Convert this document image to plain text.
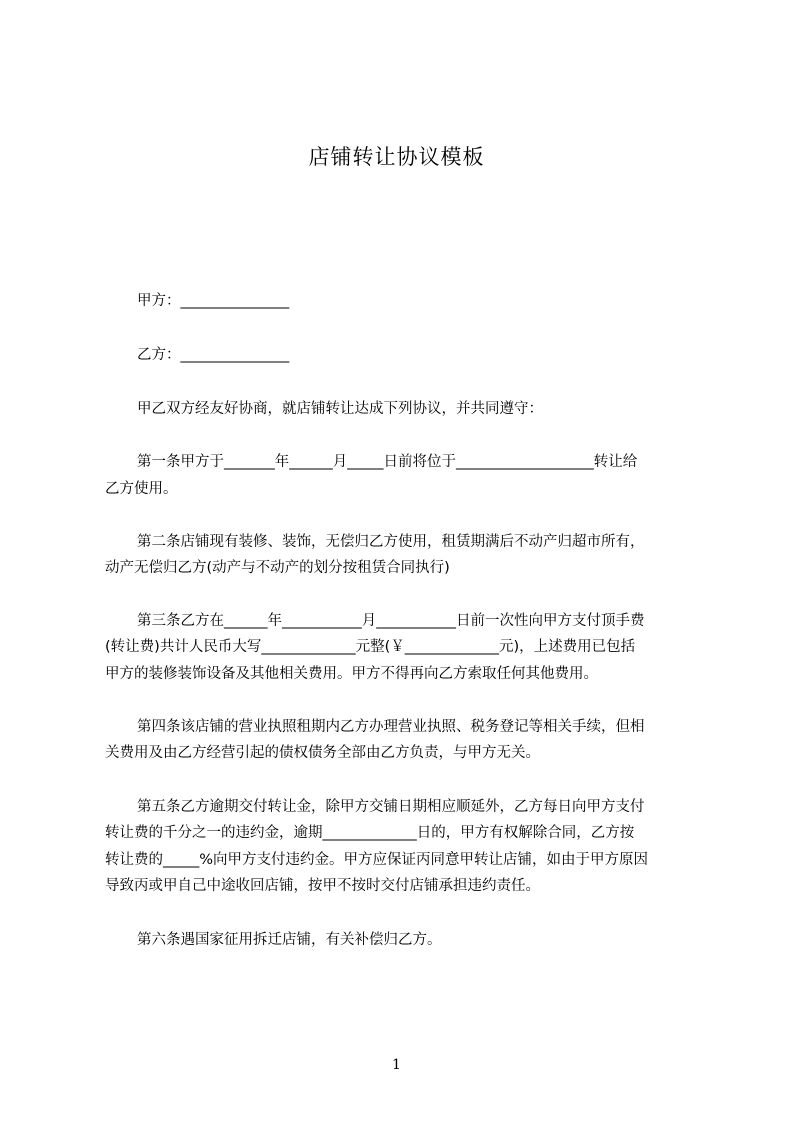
店铺转让协议模板
甲方：_______________
乙方：_______________
甲乙双方经友好协商，就店铺转让达成下列协议，并共同遵守：
第一条甲方于_______年______月_____日前将位于___________________转让给
乙方使用。
第二条店铺现有装修、装饰，无偿归乙方使用，租赁期满后不动产归超市所有，
动产无偿归乙方(动产与不动产的划分按租赁合同执行)
第三条乙方在______年___________月___________日前一次性向甲方支付顶手费
(转让费)共计人民币大写_____________元整(￥_____________元)，上述费用已包括
甲方的装修装饰设备及其他相关费用。甲方不得再向乙方索取任何其他费用。
第四条该店铺的营业执照租期内乙方办理营业执照、税务登记等相关手续，但相
关费用及由乙方经营引起的债权债务全部由乙方负责，与甲方无关。
第五条乙方逾期交付转让金，除甲方交铺日期相应顺延外，乙方每日向甲方支付
转让费的千分之一的违约金，逾期_____________日的，甲方有权解除合同，乙方按
转让费的_____%向甲方支付违约金。甲方应保证丙同意甲转让店铺，如由于甲方原因
导致丙或甲自己中途收回店铺，按甲不按时交付店铺承担违约责任。
第六条遇国家征用拆迁店铺，有关补偿归乙方。
1
